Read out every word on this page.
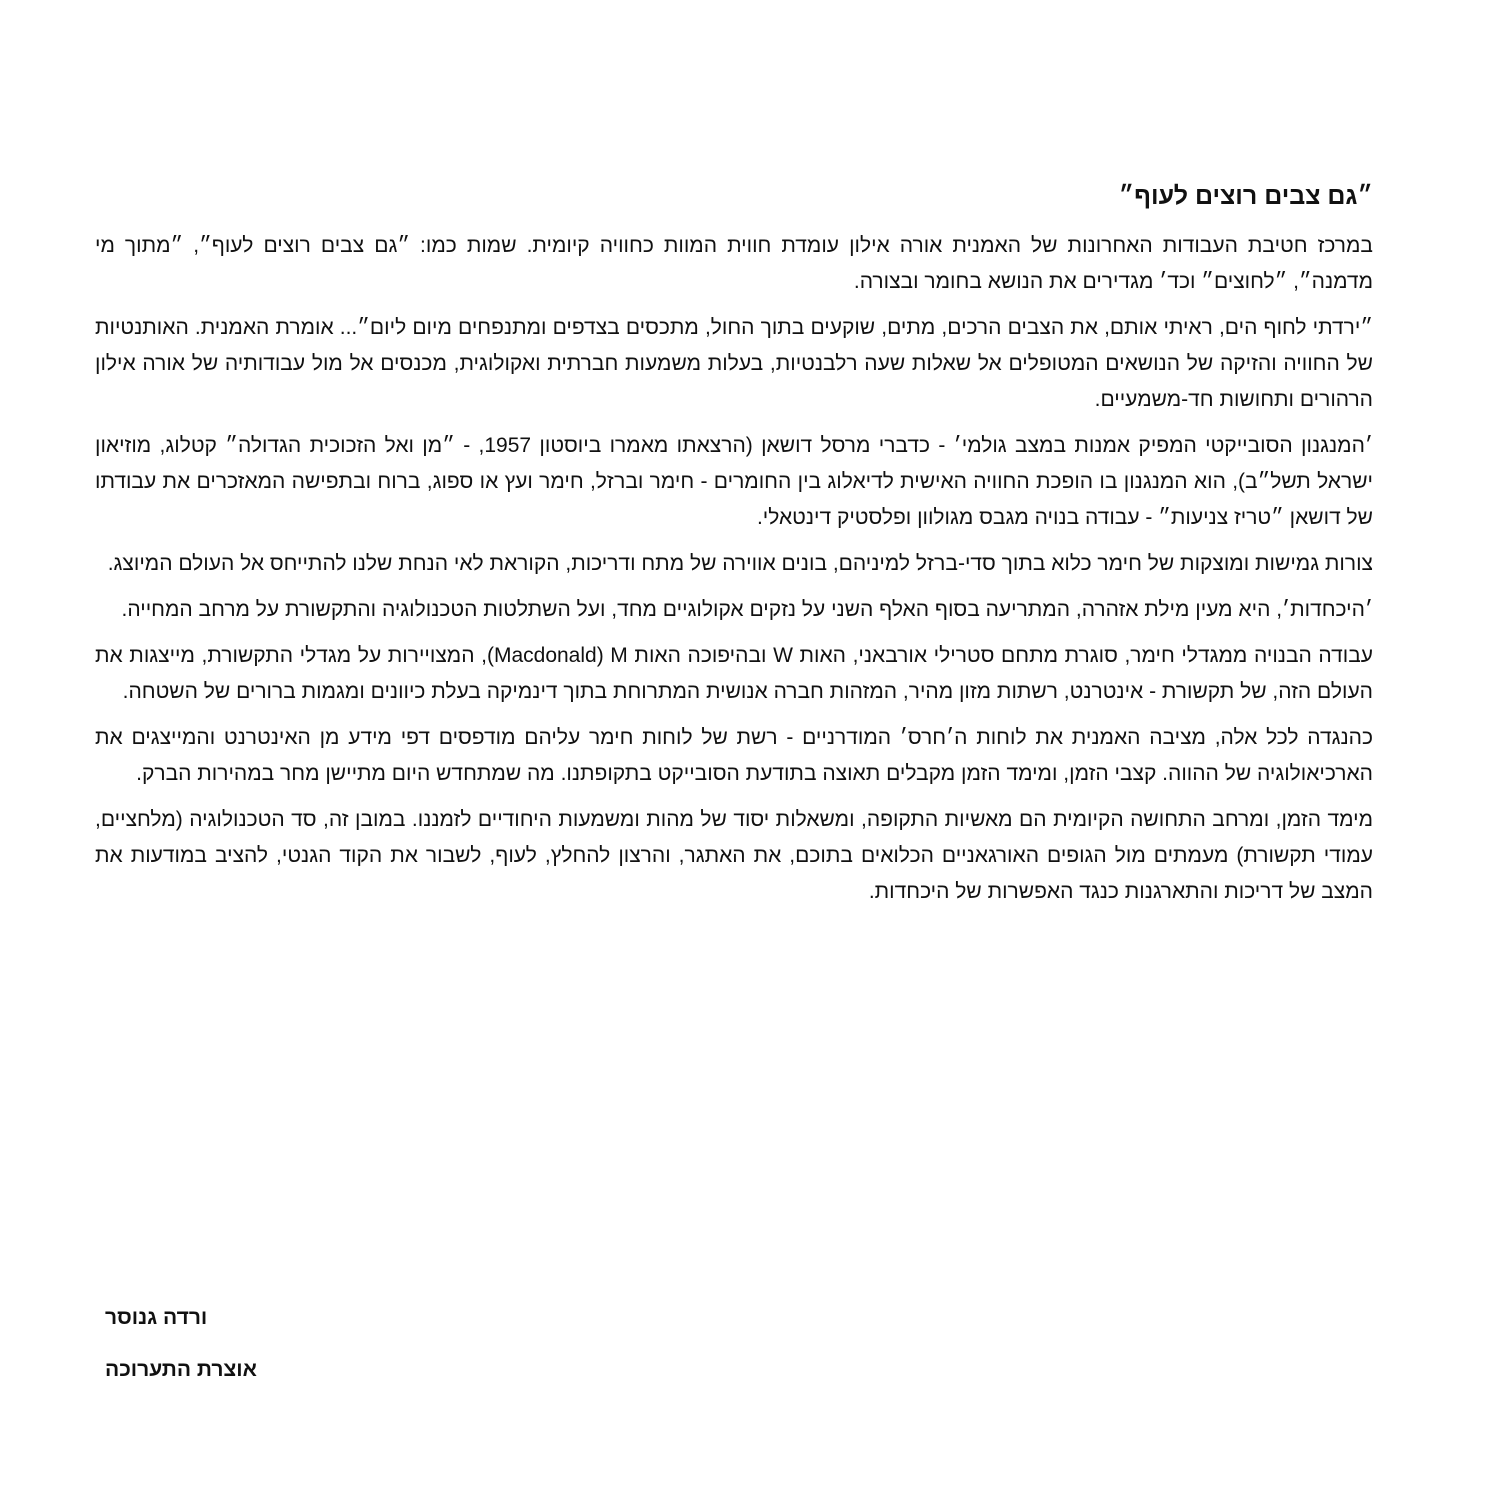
״גם צבים רוצים לעוף״

במרכז חטיבת העבודות האחרונות של האמנית אורה אילון עומדת חווית המוות כחוויה קיומית. שמות כמו: ״גם צבים רוצים לעוף״, ״מתוך מי מדמנה״, ״לחוצים״ וכד׳ מגדירים את הנושא בחומר ובצורה.

״ירדתי לחוף הים, ראיתי אותם, את הצבים הרכים, מתים, שוקעים בתוך החול, מתכסים בצדפים ומתנפחים מיום ליום״... אומרת האמנית. האותנטיות של החוויה והזיקה של הנושאים המטופלים אל שאלות שעה רלבנטיות, בעלות משמעות חברתית ואקולוגית, מכנסים אל מול עבודותיה של אורה אילון הרהורים ותחושות חד-משמעיים.

׳המנגנון הסובייקטי המפיק אמנות במצב גולמי׳ - כדברי מרסל דושאן (הרצאתו מאמרו ביוסטון 1957, - ״מן ואל הזכוכית הגדולה״ קטלוג, מוזיאון ישראל תשל״ב), הוא המנגנון בו הופכת החוויה האישית לדיאלוג בין החומרים - חימר וברזל, חימר ועץ או ספוג, ברוח ובתפישה המאזכרים את עבודתו של דושאן ״טריז צניעות״ - עבודה בנויה מגבס מגולוון ופלסטיק דינטאלי.

צורות גמישות ומוצקות של חימר כלוא בתוך סדי-ברזל למיניהם, בונים אווירה של מתח ודריכות, הקוראת לאי הנחת שלנו להתייחס אל העולם המיוצג.

׳היכחדות׳, היא מעין מילת אזהרה, המתריעה בסוף האלף השני על נזקים אקולוגיים מחד, ועל השתלטות הטכנולוגיה והתקשורת על מרחב המחייה.

עבודה הבנויה ממגדלי חימר, סוגרת מתחם סטרילי אורבאני, האות W ובהיפוכה האות Macdonald) M), המצויירות על מגדלי התקשורת, מייצגות את העולם הזה, של תקשורת - אינטרנט, רשתות מזון מהיר, המזהות חברה אנושית המתרוחת בתוך דינמיקה בעלת כיוונים ומגמות ברורים של השטחה.

כהנגדה לכל אלה, מציבה האמנית את לוחות ה׳חרס׳ המודרניים - רשת של לוחות חימר עליהם מודפסים דפי מידע מן האינטרנט והמייצגים את הארכיאולוגיה של ההווה. קצבי הזמן, ומימד הזמן מקבלים תאוצה בתודעת הסובייקט בתקופתנו. מה שמתחדש היום מתיישן מחר במהירות הברק.

מימד הזמן, ומרחב התחושה הקיומית הם מאשיות התקופה, ומשאלות יסוד של מהות ומשמעות היחודיים לזמננו. במובן זה, סד הטכנולוגיה (מלחציים, עמודי תקשורת) מעמתים מול הגופים האורגאניים הכלואים בתוכם, את האתגר, והרצון להחלץ, לעוף, לשבור את הקוד הגנטי, להציב במודעות את המצב של דריכות והתארגנות כנגד האפשרות של היכחדות.

ורדה גנוסר
אוצרת התערוכה
